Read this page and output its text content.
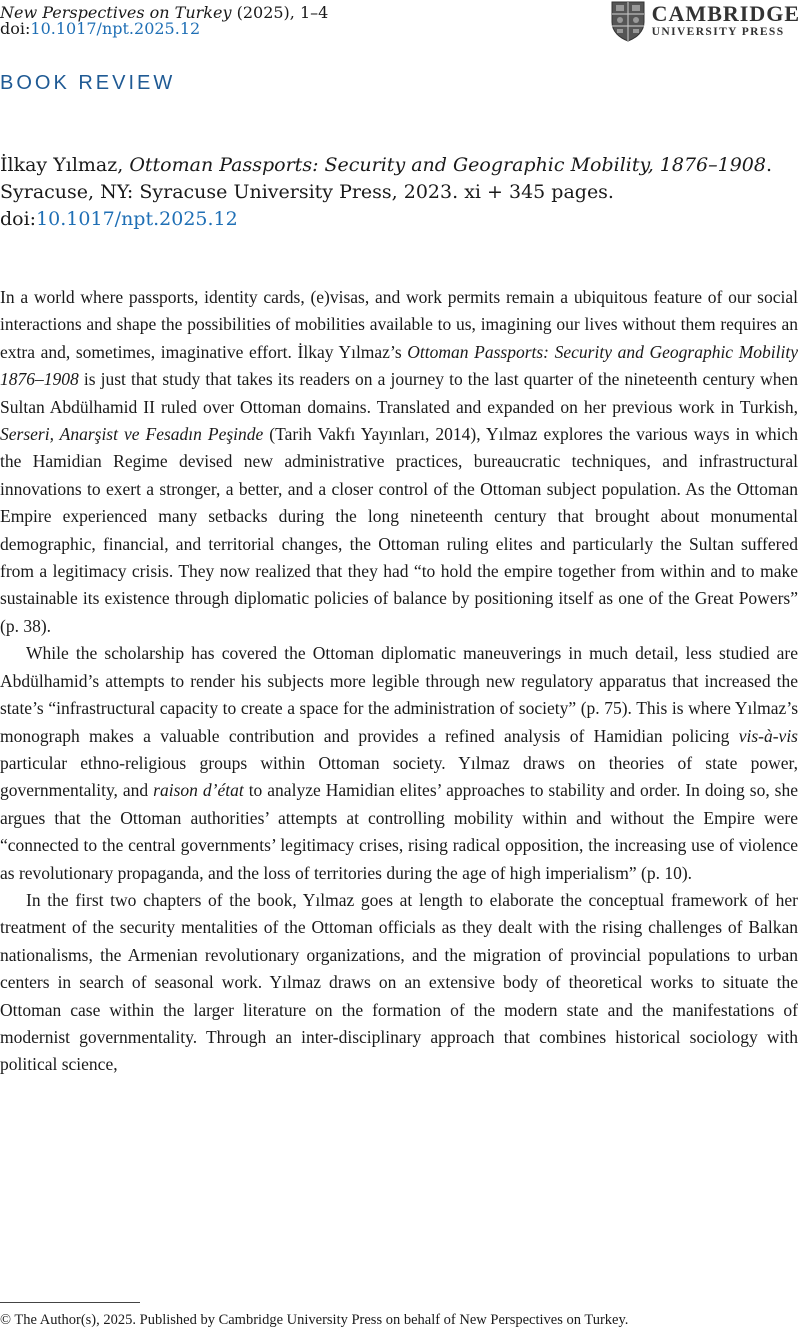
New Perspectives on Turkey (2025), 1–4
doi:10.1017/npt.2025.12
CAMBRIDGE
UNIVERSITY PRESS
BOOK REVIEW
İlkay Yılmaz, Ottoman Passports: Security and Geographic Mobility, 1876–1908. Syracuse, NY: Syracuse University Press, 2023. xi + 345 pages.
doi:10.1017/npt.2025.12

In a world where passports, identity cards, (e)visas, and work permits remain a ubiquitous feature of our social interactions and shape the possibilities of mobilities available to us, imagining our lives without them requires an extra and, sometimes, imaginative effort. İlkay Yılmaz’s Ottoman Passports: Security and Geographic Mobility 1876–1908 is just that study that takes its readers on a journey to the last quarter of the nineteenth century when Sultan Abdülhamid II ruled over Ottoman domains. Translated and expanded on her previous work in Turkish, Serseri, Anarşist ve Fesadın Peşinde (Tarih Vakfı Yayınları, 2014), Yılmaz explores the various ways in which the Hamidian Regime devised new administrative practices, bureaucratic techniques, and infrastructural innovations to exert a stronger, a better, and a closer control of the Ottoman subject population. As the Ottoman Empire experienced many setbacks during the long nineteenth century that brought about monumental demographic, financial, and territorial changes, the Ottoman ruling elites and particularly the Sultan suffered from a legitimacy crisis. They now realized that they had “to hold the empire together from within and to make sustainable its existence through diplomatic policies of balance by positioning itself as one of the Great Powers” (p. 38).

While the scholarship has covered the Ottoman diplomatic maneuverings in much detail, less studied are Abdülhamid’s attempts to render his subjects more legible through new regulatory apparatus that increased the state’s “infrastructural capacity to create a space for the administration of society” (p. 75). This is where Yılmaz’s monograph makes a valuable contribution and provides a refined analysis of Hamidian policing vis-à-vis particular ethno-religious groups within Ottoman society. Yılmaz draws on theories of state power, governmentality, and raison d’état to analyze Hamidian elites’ approaches to stability and order. In doing so, she argues that the Ottoman authorities’ attempts at controlling mobility within and without the Empire were “connected to the central governments’ legitimacy crises, rising radical opposition, the increasing use of violence as revolutionary propaganda, and the loss of territories during the age of high imperialism” (p. 10).

In the first two chapters of the book, Yılmaz goes at length to elaborate the conceptual framework of her treatment of the security mentalities of the Ottoman officials as they dealt with the rising challenges of Balkan nationalisms, the Armenian revolutionary organizations, and the migration of provincial populations to urban centers in search of seasonal work. Yılmaz draws on an extensive body of theoretical works to situate the Ottoman case within the larger literature on the formation of the modern state and the manifestations of modernist governmentality. Through an inter-disciplinary approach that combines historical sociology with political science,

© The Author(s), 2025. Published by Cambridge University Press on behalf of New Perspectives on Turkey.
